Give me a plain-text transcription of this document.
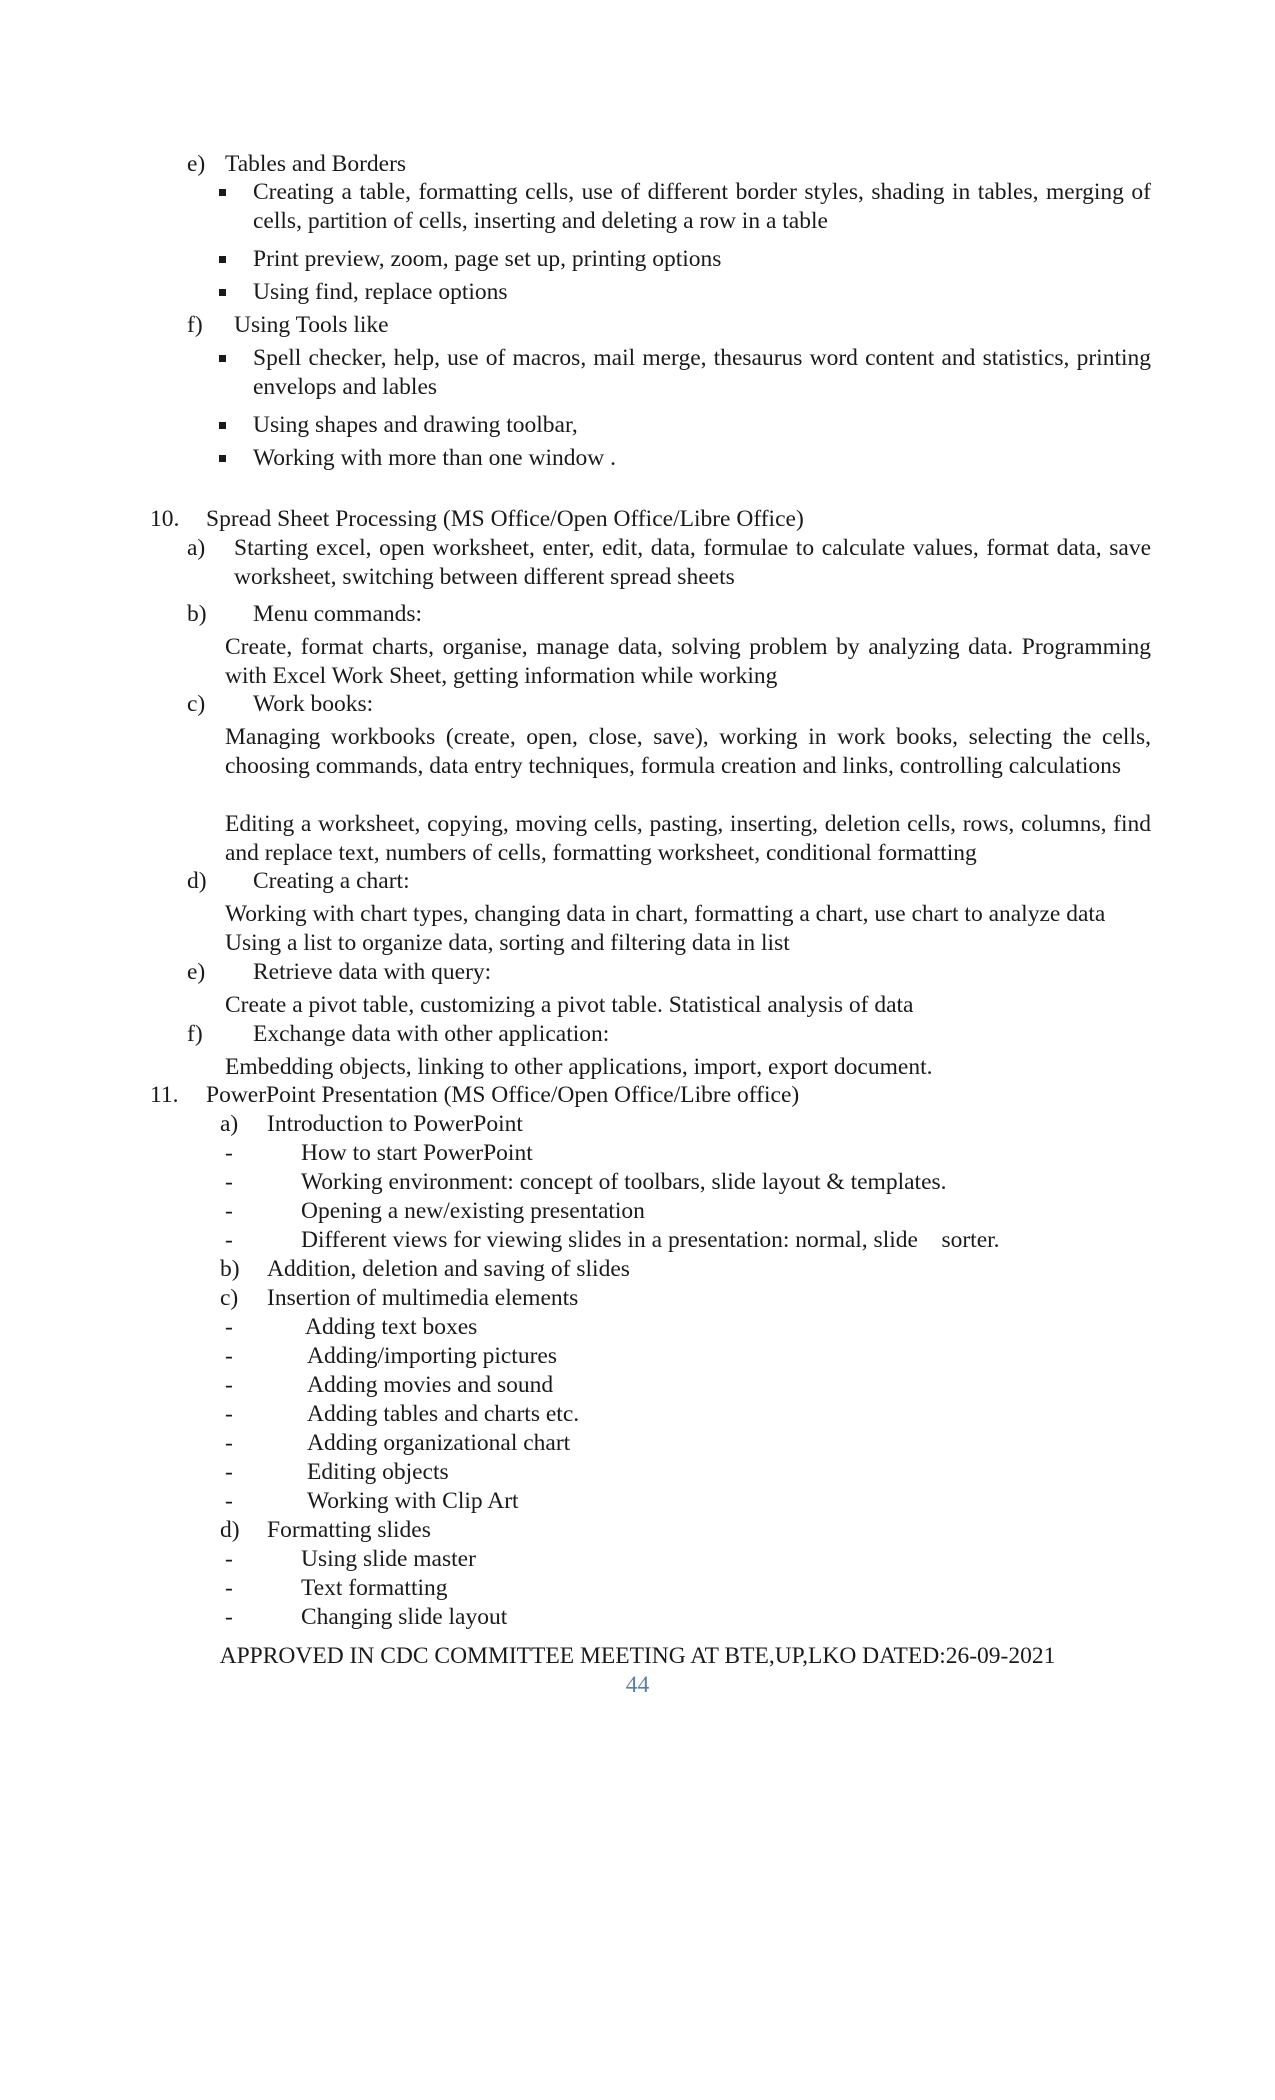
e) Tables and Borders
Creating a table, formatting cells, use of different border styles, shading in tables, merging of cells, partition of cells, inserting and deleting a row in a table
Print preview, zoom, page set up, printing options
Using find, replace options
f) Using Tools like
Spell checker, help, use of macros, mail merge, thesaurus word content and statistics, printing envelops and lables
Using shapes and drawing toolbar,
Working with more than one window .
10. Spread Sheet Processing (MS Office/Open Office/Libre Office)
a) Starting excel, open worksheet, enter, edit, data, formulae to calculate values, format data, save worksheet, switching between different spread sheets
b) Menu commands:
Create, format charts, organise, manage data, solving problem by analyzing data. Programming with Excel Work Sheet, getting information while working
c) Work books:
Managing workbooks (create, open, close, save), working in work books, selecting the cells, choosing commands, data entry techniques, formula creation and links, controlling calculations
Editing a worksheet, copying, moving cells, pasting, inserting, deletion cells, rows, columns, find and replace text, numbers of cells, formatting worksheet, conditional formatting
d) Creating a chart:
Working with chart types, changing data in chart, formatting a chart, use chart to analyze data
Using a list to organize data, sorting and filtering data in list
e) Retrieve data with query:
Create a pivot table, customizing a pivot table. Statistical analysis of data
f) Exchange data with other application:
Embedding objects, linking to other applications, import, export document.
11. PowerPoint Presentation (MS Office/Open Office/Libre office)
a) Introduction to PowerPoint
-	How to start PowerPoint
-	Working environment: concept of toolbars, slide layout & templates.
-	Opening a new/existing presentation
-	Different views for viewing slides in a presentation: normal, slide    sorter.
b) Addition, deletion and saving of slides
c) Insertion of multimedia elements
-	Adding text boxes
-	Adding/importing pictures
-	Adding movies and sound
-	Adding tables and charts etc.
-	Adding organizational chart
-	Editing objects
-	Working with Clip Art
d) Formatting slides
-	Using slide master
-	Text formatting
-	Changing slide layout
APPROVED IN CDC COMMITTEE MEETING AT BTE,UP,LKO DATED:26-09-2021
44
